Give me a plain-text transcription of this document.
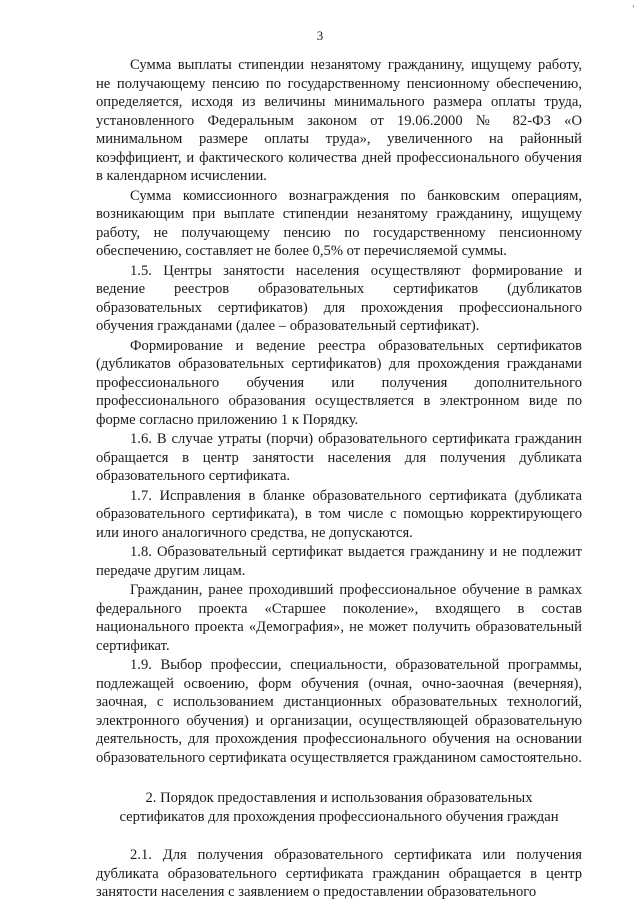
'
3

Сумма выплаты стипендии незанятому гражданину, ищущему работу, не получающему пенсию по государственному пенсионному обеспечению, определяется, исходя из величины минимального размера оплаты труда, установленного Федеральным законом от 19.06.2000 № 82-ФЗ «О минимальном размере оплаты труда», увеличенного на районный коэффициент, и фактического количества дней профессионального обучения в календарном исчислении.

Сумма комиссионного вознаграждения по банковским операциям, возникающим при выплате стипендии незанятому гражданину, ищущему работу, не получающему пенсию по государственному пенсионному обеспечению, составляет не более 0,5% от перечисляемой суммы.

1.5. Центры занятости населения осуществляют формирование и ведение реестров образовательных сертификатов (дубликатов образовательных сертификатов) для прохождения профессионального обучения гражданами (далее – образовательный сертификат).

Формирование и ведение реестра образовательных сертификатов (дубликатов образовательных сертификатов) для прохождения гражданами профессионального обучения или получения дополнительного профессионального образования осуществляется в электронном виде по форме согласно приложению 1 к Порядку.

1.6. В случае утраты (порчи) образовательного сертификата гражданин обращается в центр занятости населения для получения дубликата образовательного сертификата.

1.7. Исправления в бланке образовательного сертификата (дубликата образовательного сертификата), в том числе с помощью корректирующего или иного аналогичного средства, не допускаются.

1.8. Образовательный сертификат выдается гражданину и не подлежит передаче другим лицам.

Гражданин, ранее проходивший профессиональное обучение в рамках федерального проекта «Старшее поколение», входящего в состав национального проекта «Демография», не может получить образовательный сертификат.

1.9. Выбор профессии, специальности, образовательной программы, подлежащей освоению, форм обучения (очная, очно-заочная (вечерняя), заочная, с использованием дистанционных образовательных технологий, электронного обучения) и организации, осуществляющей образовательную деятельность, для прохождения профессионального обучения на основании образовательного сертификата осуществляется гражданином самостоятельно.

2. Порядок предоставления и использования образовательных
сертификатов для прохождения профессионального обучения граждан

2.1. Для получения образовательного сертификата или получения дубликата образовательного сертификата гражданин обращается в центр занятости населения с заявлением о предоставлении образовательного
